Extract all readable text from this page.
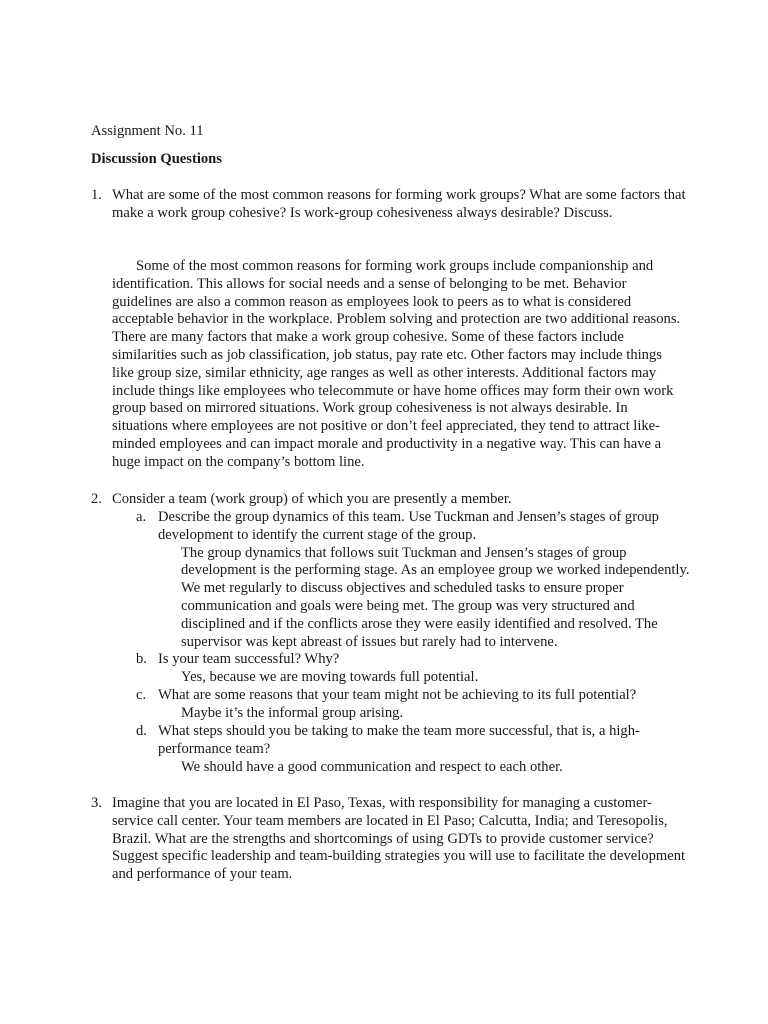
Assignment No. 11
Discussion Questions
1. What are some of the most common reasons for forming work groups? What are some factors that make a work group cohesive? Is work-group cohesiveness always desirable? Discuss.
Some of the most common reasons for forming work groups include companionship and
identification. This allows for social needs and a sense of belonging to be met. Behavior guidelines are also a common reason as employees look to peers as to what is considered acceptable behavior in the workplace. Problem solving and protection are two additional reasons. There are many factors that make a work group cohesive. Some of these factors include similarities such as job classification, job status, pay rate etc. Other factors may include things like group size, similar ethnicity, age ranges as well as other interests. Additional factors may include things like employees who telecommute or have home offices may form their own work group based on mirrored situations. Work group cohesiveness is not always desirable. In situations where employees are not positive or don’t feel appreciated, they tend to attract like-minded employees and can impact morale and productivity in a negative way. This can have a huge impact on the company’s bottom line.
2. Consider a team (work group) of which you are presently a member.
a. Describe the group dynamics of this team. Use Tuckman and Jensen’s stages of group development to identify the current stage of the group.
The group dynamics that follows suit Tuckman and Jensen’s stages of group development is the performing stage. As an employee group we worked independently. We met regularly to discuss objectives and scheduled tasks to ensure proper communication and goals were being met. The group was very structured and disciplined and if the conflicts arose they were easily identified and resolved. The supervisor was kept abreast of issues but rarely had to intervene.
b. Is your team successful? Why?
Yes, because we are moving towards full potential.
c. What are some reasons that your team might not be achieving to its full potential?
Maybe it’s the informal group arising.
d. What steps should you be taking to make the team more successful, that is, a high-performance team?
We should have a good communication and respect to each other.
3. Imagine that you are located in El Paso, Texas, with responsibility for managing a customer-service call center. Your team members are located in El Paso; Calcutta, India; and Teresopolis, Brazil. What are the strengths and shortcomings of using GDTs to provide customer service? Suggest specific leadership and team-building strategies you will use to facilitate the development and performance of your team.
